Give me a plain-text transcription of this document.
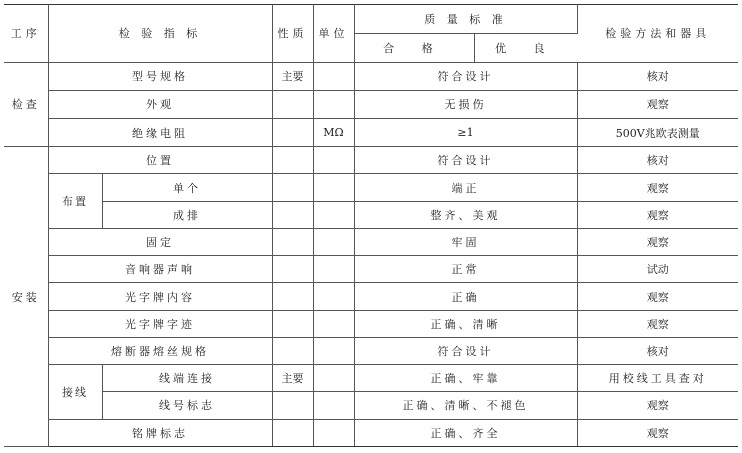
工序	检 验 指 标		性质	单位	质 量 标 准		检验方法和器具
					合 格	优 良	
检查	型号规格		主要		符合设计		核对
	外观				无损伤		观察
	绝缘电阻			MΩ	≥1		500V兆欧表测量
安装	位置				符合设计		核对
	布置	单个			端正		观察
		成排			整齐、美观		观察
	固定				牢固		观察
	音响器声响				正常		试动
	光字牌内容				正确		观察
	光字牌字迹				正确、清晰		观察
	熔断器熔丝规格				符合设计		核对
	接线	线端连接	主要		正确、牢靠		用校线工具查对
		线号标志			正确、清晰、不褪色		观察
	铭牌标志				正确、齐全		观察
